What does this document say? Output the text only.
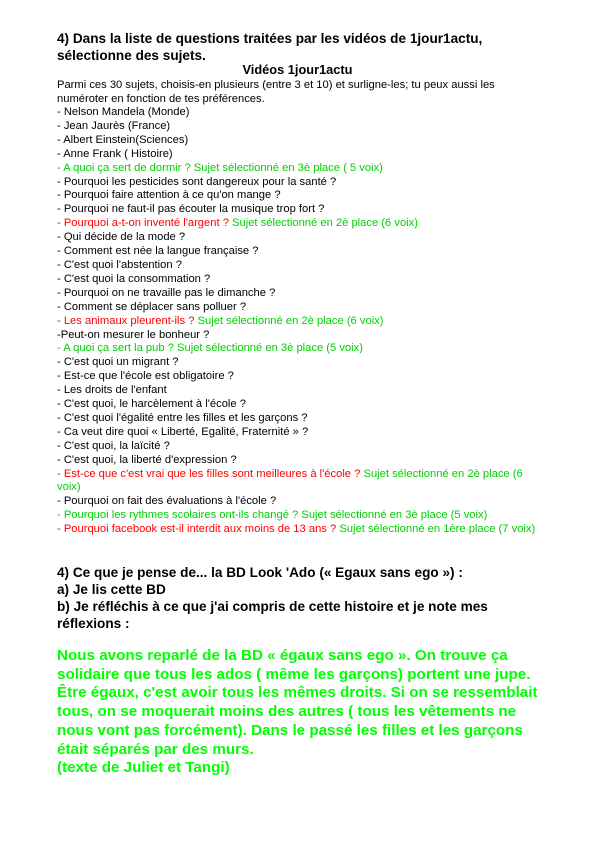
4) Dans la liste de questions traitées par les vidéos de 1jour1actu,
sélectionne des sujets.
Vidéos 1jour1actu
Parmi ces 30 sujets, choisis-en plusieurs (entre 3 et 10) et surligne-les; tu peux aussi les
numéroter en fonction de tes préférences.
- Nelson Mandela (Monde)
- Jean Jaurès (France)
- Albert Einstein(Sciences)
- Anne Frank ( Histoire)
- A quoi ça sert de dormir ? Sujet sélectionné en 3è place ( 5 voix)
- Pourquoi les pesticides sont dangereux pour la santé ?
- Pourquoi faire attention à ce qu'on mange ?
- Pourquoi ne faut-il pas écouter la musique trop fort ?
- Pourquoi a-t-on inventé l'argent ? Sujet sélectionné en 2è place (6 voix)
- Qui décide de la mode ?
- Comment est née la langue française ?
- C'est quoi l'abstention ?
- C'est quoi la consommation ?
- Pourquoi on ne travaille pas le dimanche ?
- Comment se déplacer sans polluer ?
- Les animaux pleurent-ils ? Sujet sélectionné en 2è place (6 voix)
-Peut-on mesurer le bonheur ?
- A quoi ça sert la pub ? Sujet sélectionné en 3è place (5 voix)
- C'est quoi un migrant ?
- Est-ce que l'école est obligatoire ?
- Les droits de l'enfant
- C'est quoi, le harcèlement à l'école ?
- C'est quoi l'égalité entre les filles et les garçons ?
- Ca veut dire quoi « Liberté, Egalité, Fraternité » ?
- C'est quoi, la laïcité ?
- C'est quoi, la liberté d'expression ?
- Est-ce que c'est vrai que les filles sont meilleures à l'école ? Sujet sélectionné en 2è place (6 voix)
- Pourquoi on fait des évaluations à l'école ?
- Pourquoi les rythmes scolaires ont-ils changé ? Sujet sélectionné en 3è place (5 voix)
- Pourquoi facebook est-il interdit aux moins de 13 ans ? Sujet sélectionné en 1ère place (7 voix)
4) Ce que je pense de... la BD Look 'Ado (« Egaux sans ego ») :
a) Je lis cette BD
b) Je réfléchis à ce que j'ai compris de cette histoire et je note mes
réflexions :
Nous avons reparlé de la BD « égaux sans ego ». On trouve ça solidaire que tous les ados ( même les garçons) portent une jupe. Être égaux, c'est avoir tous les mêmes droits. Si on se ressemblait tous, on se moquerait moins des autres ( tous les vêtements ne nous vont pas forcément). Dans le passé les filles et les garçons était séparés par des murs.
(texte de Juliet et Tangi)
